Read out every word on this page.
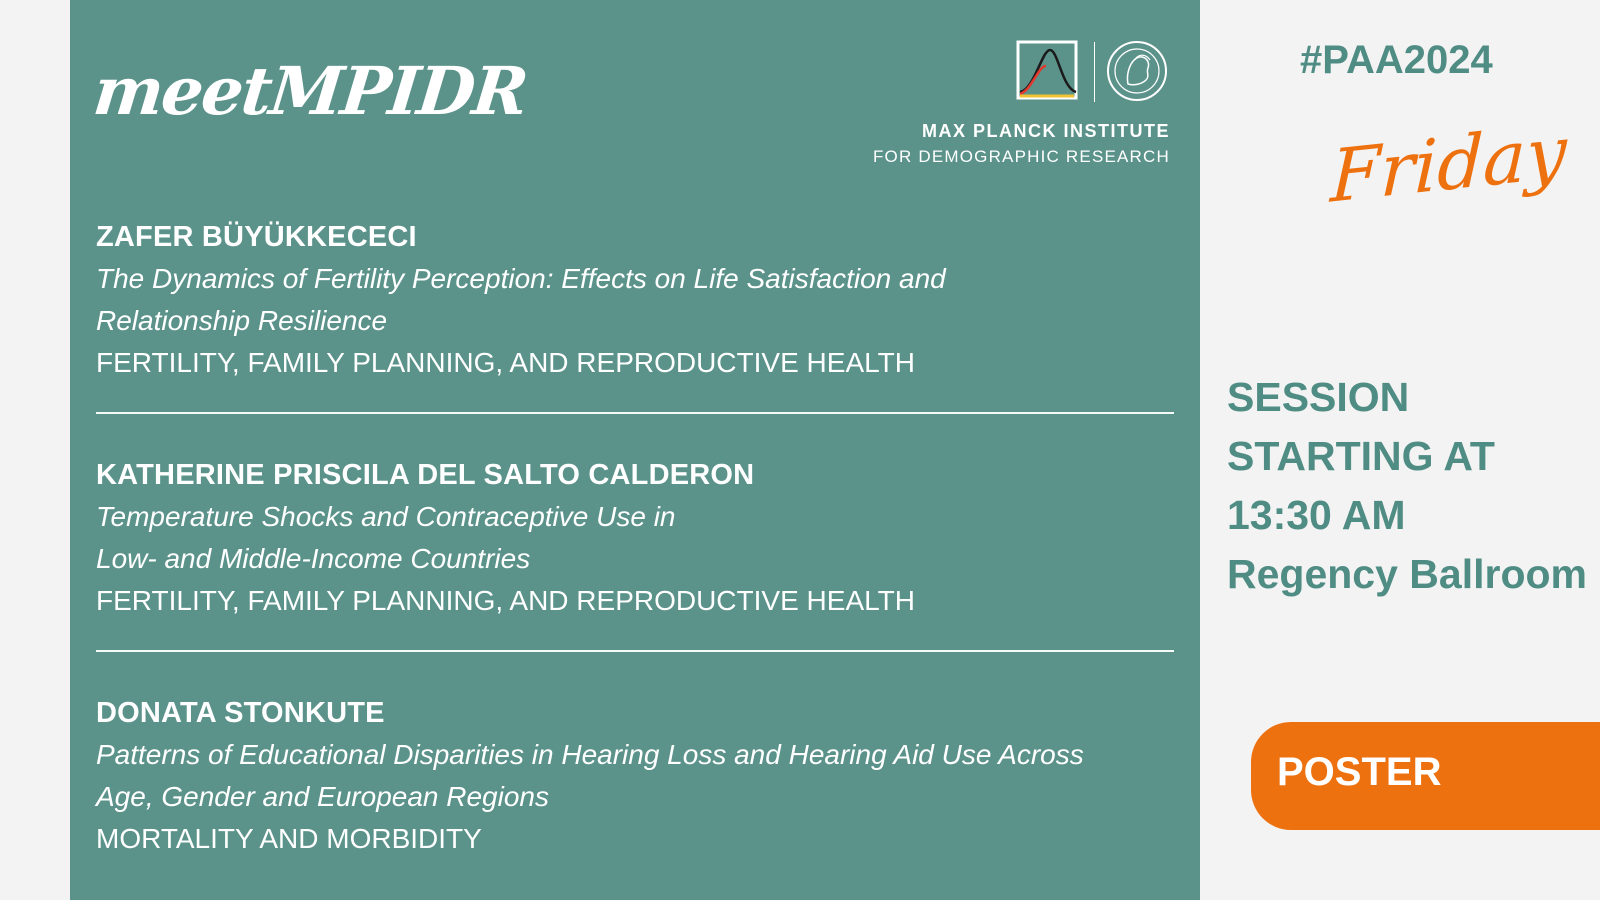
meetMPIDR
MAX PLANCK INSTITUTE
FOR DEMOGRAPHIC RESEARCH
ZAFER BÜYÜKKECECI
The Dynamics of Fertility Perception: Effects on Life Satisfaction and
Relationship Resilience
FERTILITY, FAMILY PLANNING, AND REPRODUCTIVE HEALTH
KATHERINE PRISCILA DEL SALTO CALDERON
Temperature Shocks and Contraceptive Use in
Low- and Middle-Income Countries
FERTILITY, FAMILY PLANNING, AND REPRODUCTIVE HEALTH
DONATA STONKUTE
Patterns of Educational Disparities in Hearing Loss and Hearing Aid Use Across
Age, Gender and European Regions
MORTALITY AND MORBIDITY
#PAA2024
Friday
SESSION
STARTING AT
13:30 AM
Regency Ballroom
POSTER
